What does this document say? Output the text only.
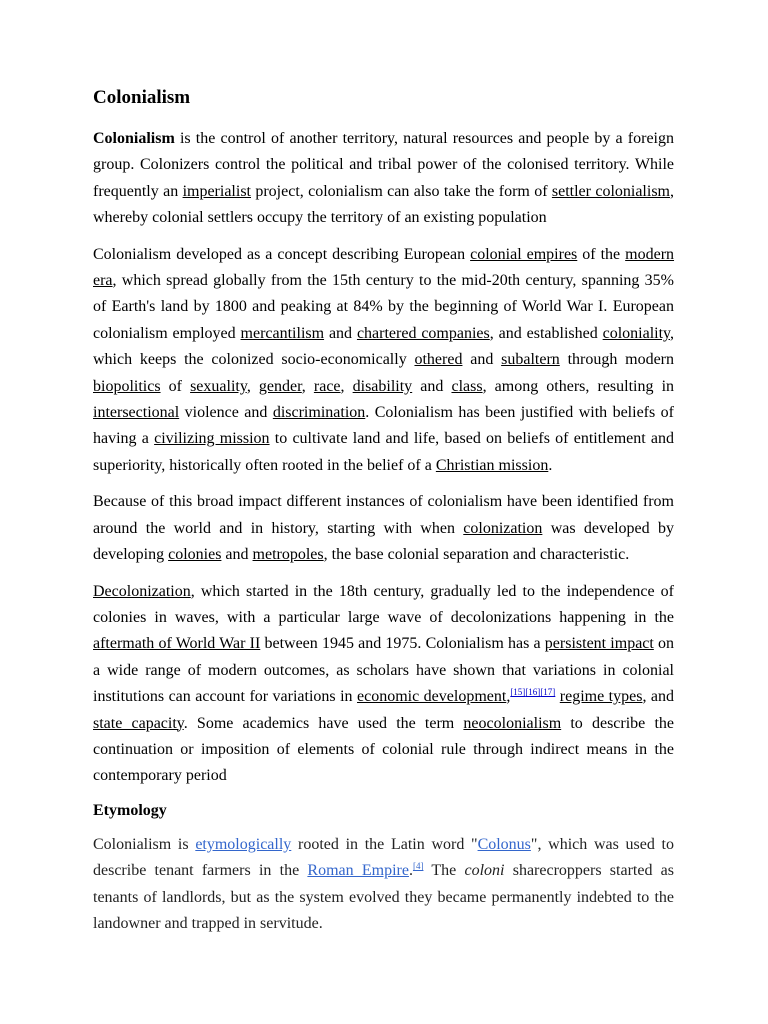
Colonialism

Colonialism is the control of another territory, natural resources and people by a foreign group. Colonizers control the political and tribal power of the colonised territory. While frequently an imperialist project, colonialism can also take the form of settler colonialism, whereby colonial settlers occupy the territory of an existing population

Colonialism developed as a concept describing European colonial empires of the modern era, which spread globally from the 15th century to the mid-20th century, spanning 35% of Earth's land by 1800 and peaking at 84% by the beginning of World War I. European colonialism employed mercantilism and chartered companies, and established coloniality, which keeps the colonized socio-economically othered and subaltern through modern biopolitics of sexuality, gender, race, disability and class, among others, resulting in intersectional violence and discrimination. Colonialism has been justified with beliefs of having a civilizing mission to cultivate land and life, based on beliefs of entitlement and superiority, historically often rooted in the belief of a Christian mission.

Because of this broad impact different instances of colonialism have been identified from around the world and in history, starting with when colonization was developed by developing colonies and metropoles, the base colonial separation and characteristic.

Decolonization, which started in the 18th century, gradually led to the independence of colonies in waves, with a particular large wave of decolonizations happening in the aftermath of World War II between 1945 and 1975. Colonialism has a persistent impact on a wide range of modern outcomes, as scholars have shown that variations in colonial institutions can account for variations in economic development,[15][16][17] regime types, and state capacity. Some academics have used the term neocolonialism to describe the continuation or imposition of elements of colonial rule through indirect means in the contemporary period

Etymology

Colonialism is etymologically rooted in the Latin word "Colonus", which was used to describe tenant farmers in the Roman Empire.[4] The coloni sharecroppers started as tenants of landlords, but as the system evolved they became permanently indebted to the landowner and trapped in servitude.
